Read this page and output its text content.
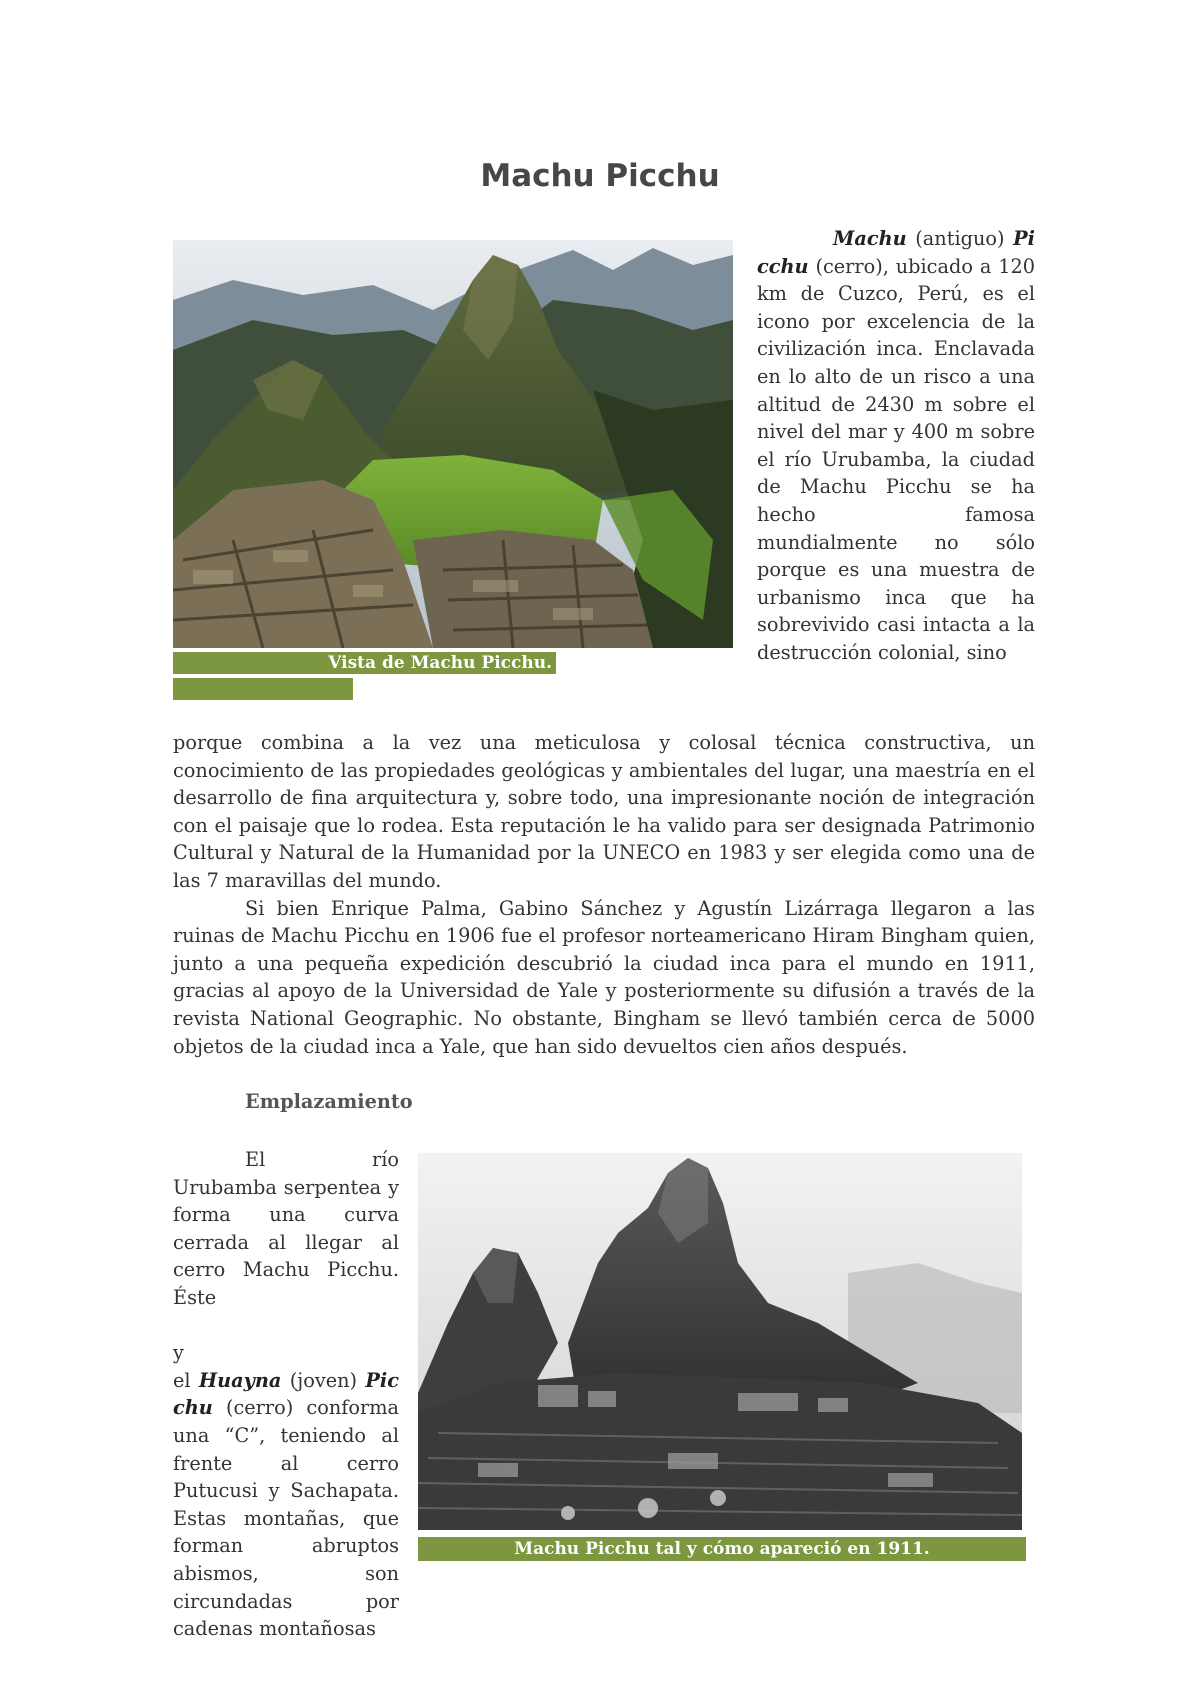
Machu Picchu
Vista de Machu Picchu.

Machu (antiguo) Pi cchu (cerro), ubicado a 120 km de Cuzco, Perú, es el icono por excelencia de la civilización inca. Enclavada en lo alto de un risco a una altitud de 2430 m sobre el nivel del mar y 400 m sobre el río Urubamba, la ciudad de Machu Picchu se ha hecho famosa mundialmente no sólo porque es una muestra de urbanismo inca que ha sobrevivido casi intacta a la destrucción colonial, sino

porque combina a la vez una meticulosa y colosal técnica constructiva, un conocimiento de las propiedades geológicas y ambientales del lugar, una maestría en el desarrollo de fina arquitectura y, sobre todo, una impresionante noción de integración con el paisaje que lo rodea. Esta reputación le ha valido para ser designada Patrimonio Cultural y Natural de la Humanidad por la UNECO en 1983 y ser elegida como una de las 7 maravillas del mundo.

Si bien Enrique Palma, Gabino Sánchez y Agustín Lizárraga llegaron a las ruinas de Machu Picchu en 1906 fue el profesor norteamericano Hiram Bingham quien, junto a una pequeña expedición descubrió la ciudad inca para el mundo en 1911, gracias al apoyo de la Universidad de Yale y posteriormente su difusión a través de la revista National Geographic. No obstante, Bingham se llevó también cerca de 5000 objetos de la ciudad inca a Yale, que han sido devueltos cien años después.

Emplazamiento

El río Urubamba serpentea y forma una curva cerrada al llegar al cerro Machu Picchu. Éste

y

el Huayna (joven) Pic chu (cerro) conforma una “C”, teniendo al frente al cerro Putucusi y Sachapata. Estas montañas, que forman abruptos abismos, son circundadas por cadenas montañosas

Machu Picchu tal y cómo apareció en 1911.
